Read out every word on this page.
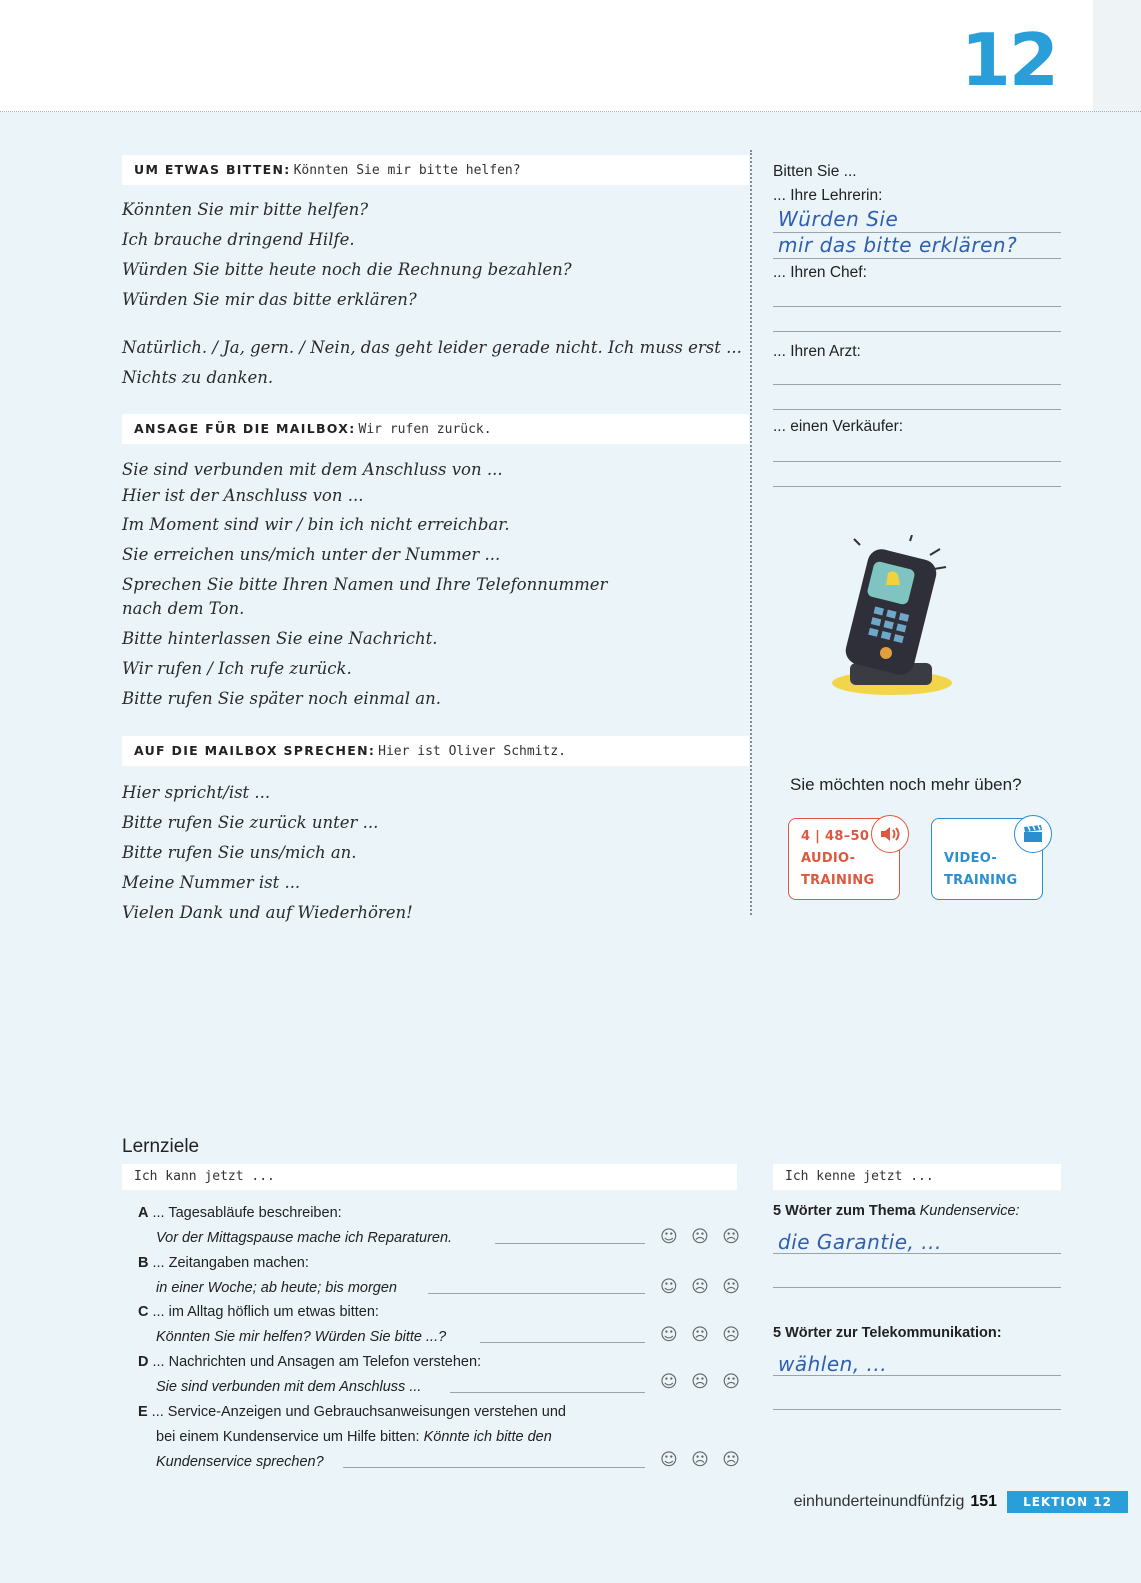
12
UM ETWAS BITTEN: Könnten Sie mir bitte helfen?
Könnten Sie mir bitte helfen?
Ich brauche dringend Hilfe.
Würden Sie bitte heute noch die Rechnung bezahlen?
Würden Sie mir das bitte erklären?
Natürlich. / Ja, gern. / Nein, das geht leider gerade nicht. Ich muss erst ...
Nichts zu danken.
ANSAGE FÜR DIE MAILBOX: Wir rufen zurück.
Sie sind verbunden mit dem Anschluss von ...
Hier ist der Anschluss von ...
Im Moment sind wir / bin ich nicht erreichbar.
Sie erreichen uns/mich unter der Nummer ...
Sprechen Sie bitte Ihren Namen und Ihre Telefonnummer
nach dem Ton.
Bitte hinterlassen Sie eine Nachricht.
Wir rufen / Ich rufe zurück.
Bitte rufen Sie später noch einmal an.
AUF DIE MAILBOX SPRECHEN: Hier ist Oliver Schmitz.
Hier spricht/ist ...
Bitte rufen Sie zurück unter ...
Bitte rufen Sie uns/mich an.
Meine Nummer ist ...
Vielen Dank und auf Wiederhören!
Bitten Sie ...
... Ihre Lehrerin:
Würden Sie
mir das bitte erklären?
... Ihren Chef:
... Ihren Arzt:
... einen Verkäufer:
Sie möchten noch mehr üben?
4 | 48–50
AUDIO-
TRAINING
VIDEO-
TRAINING
Lernziele
Ich kann jetzt ...	Ich kenne jetzt ...
A ... Tagesabläufe beschreiben:
Vor der Mittagspause mache ich Reparaturen.	☺ ☹ ☹
B ... Zeitangaben machen:
in einer Woche; ab heute; bis morgen	☺ ☹ ☹
C ... im Alltag höflich um etwas bitten:
Könnten Sie mir helfen? Würden Sie bitte ...?	☺ ☹ ☹
D ... Nachrichten und Ansagen am Telefon verstehen:
Sie sind verbunden mit dem Anschluss ...	☺ ☹ ☹
E ... Service-Anzeigen und Gebrauchsanweisungen verstehen und
bei einem Kundenservice um Hilfe bitten: Könnte ich bitte den
Kundenservice sprechen?	☺ ☹ ☹
5 Wörter zum Thema Kundenservice:
die Garantie, ...
5 Wörter zur Telekommunikation:
wählen, ...
einhunderteinundfünfzig 151	LEKTION 12
